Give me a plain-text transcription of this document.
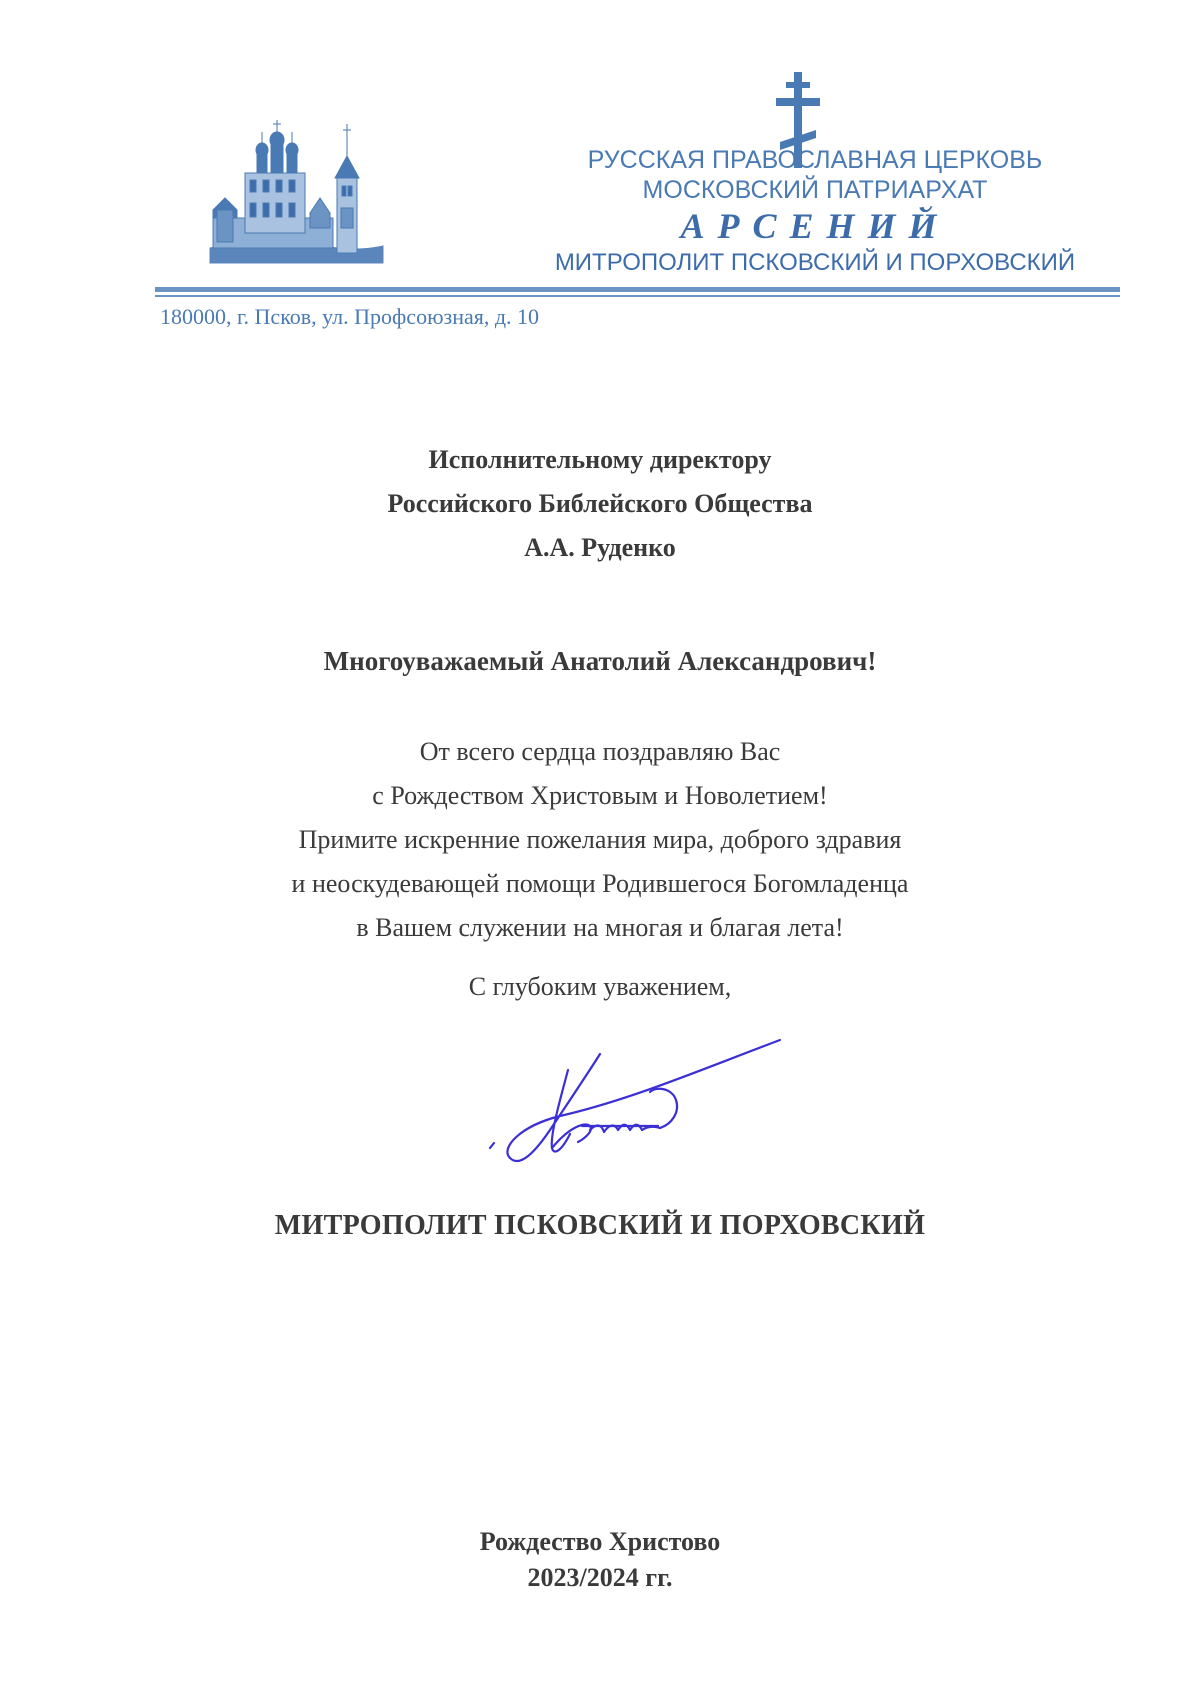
РУССКАЯ ПРАВОСЛАВНАЯ ЦЕРКОВЬ
МОСКОВСКИЙ ПАТРИАРХАТ
АРСЕНИЙ
МИТРОПОЛИТ ПСКОВСКИЙ И ПОРХОВСКИЙ
180000, г. Псков, ул. Профсоюзная, д. 10
Исполнительному директору
Российского Библейского Общества
А.А. Руденко
Многоуважаемый Анатолий Александрович!
От всего сердца поздравляю Вас
с Рождеством Христовым и Новолетием!
Примите искренние пожелания мира, доброго здравия
и неоскудевающей помощи Родившегося Богомладенца
в Вашем служении на многая и благая лета!
С глубоким уважением,
МИТРОПОЛИТ ПСКОВСКИЙ И ПОРХОВСКИЙ
Рождество Христово
2023/2024 гг.
